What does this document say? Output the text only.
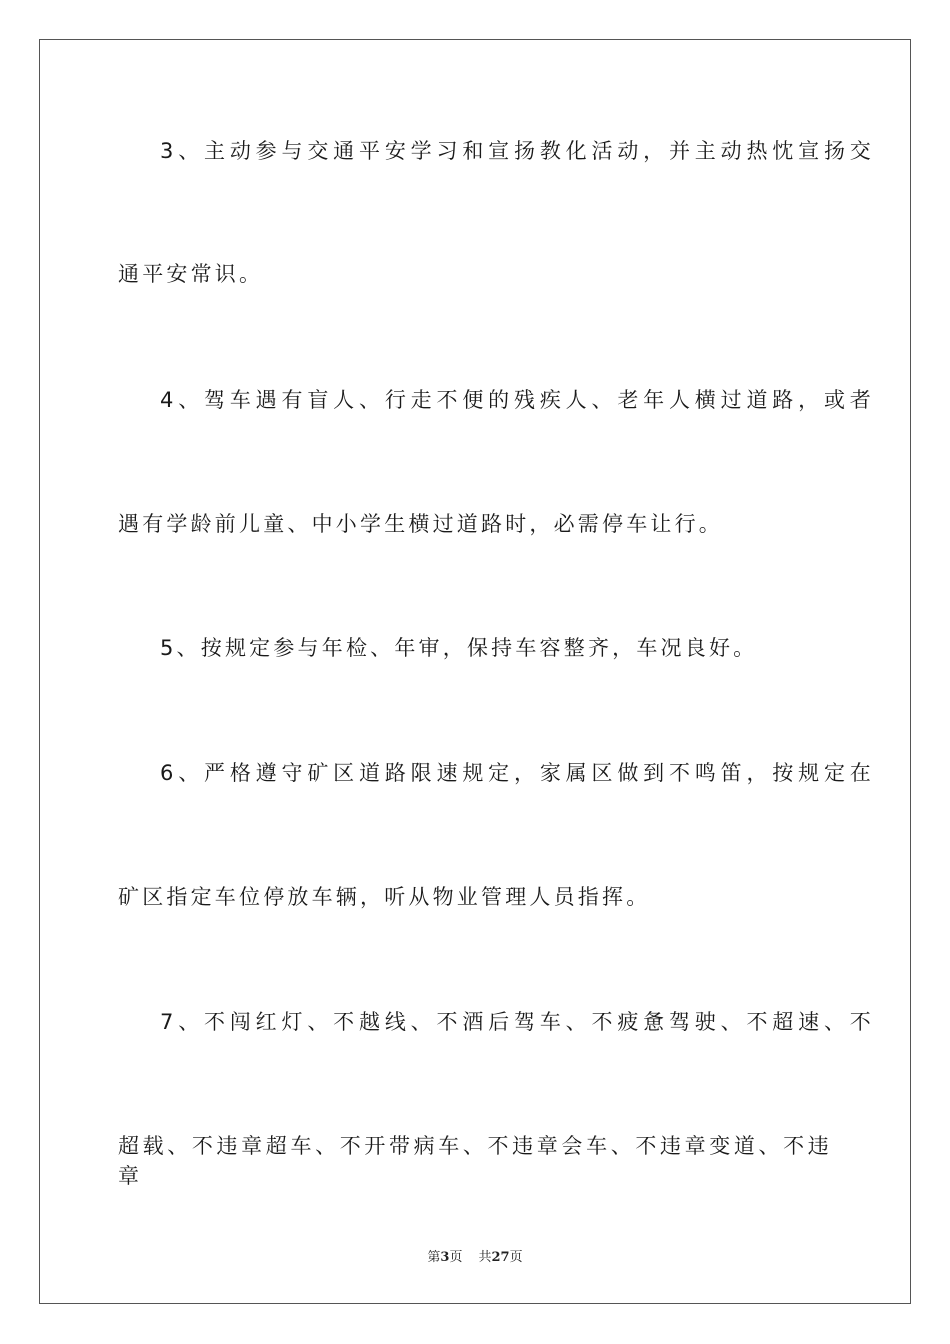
3、主动参与交通平安学习和宣扬教化活动，并主动热忱宣扬交
通平安常识。
4、驾车遇有盲人、行走不便的残疾人、老年人横过道路，或者
遇有学龄前儿童、中小学生横过道路时，必需停车让行。
5、按规定参与年检、年审，保持车容整齐，车况良好。
6、严格遵守矿区道路限速规定，家属区做到不鸣笛，按规定在
矿区指定车位停放车辆，听从物业管理人员指挥。
7、不闯红灯、不越线、不酒后驾车、不疲惫驾驶、不超速、不
超载、不违章超车、不开带病车、不违章会车、不违章变道、不违章
第3页 共27页
